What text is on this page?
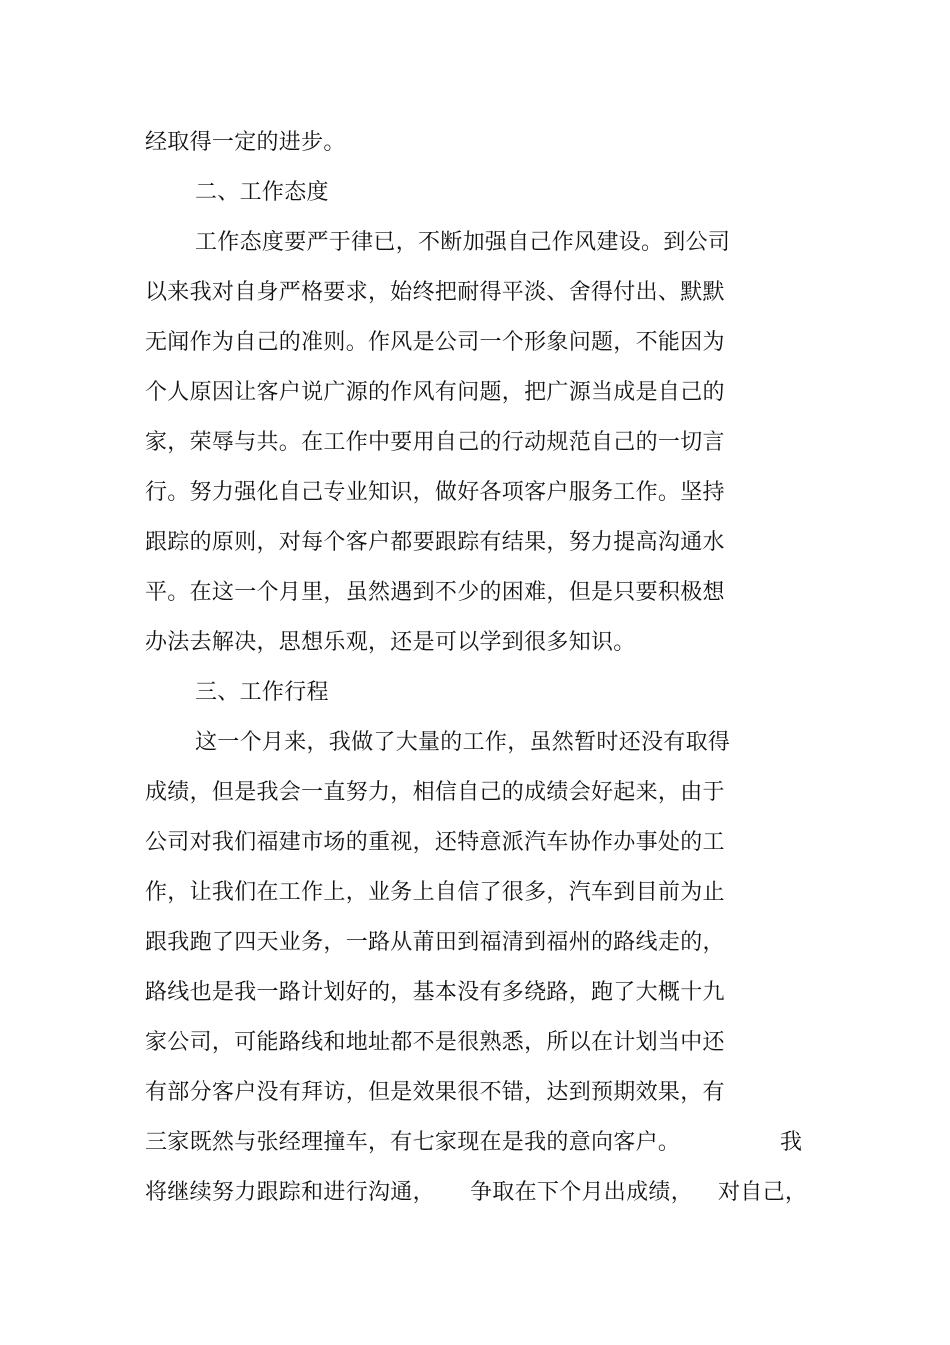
经取得一定的进步。
二、工作态度
工作态度要严于律已，不断加强自己作风建设。到公司
以来我对自身严格要求，始终把耐得平淡、舍得付出、默默
无闻作为自己的准则。作风是公司一个形象问题，不能因为
个人原因让客户说广源的作风有问题，把广源当成是自己的
家，荣辱与共。在工作中要用自己的行动规范自己的一切言
行。努力强化自己专业知识，做好各项客户服务工作。坚持
跟踪的原则，对每个客户都要跟踪有结果，努力提高沟通水
平。在这一个月里，虽然遇到不少的困难，但是只要积极想
办法去解决，思想乐观，还是可以学到很多知识。
三、工作行程
这一个月来，我做了大量的工作，虽然暂时还没有取得
成绩，但是我会一直努力，相信自己的成绩会好起来，由于
公司对我们福建市场的重视，还特意派汽车协作办事处的工
作，让我们在工作上，业务上自信了很多，汽车到目前为止
跟我跑了四天业务，一路从莆田到福清到福州的路线走的，
路线也是我一路计划好的，基本没有多绕路，跑了大概十九
家公司，可能路线和地址都不是很熟悉，所以在计划当中还
有部分客户没有拜访，但是效果很不错，达到预期效果，有
三家既然与张经理撞车，有七家现在是我的意向客户。	我
将继续努力跟踪和进行沟通， 争取在下个月出成绩， 对自己，
